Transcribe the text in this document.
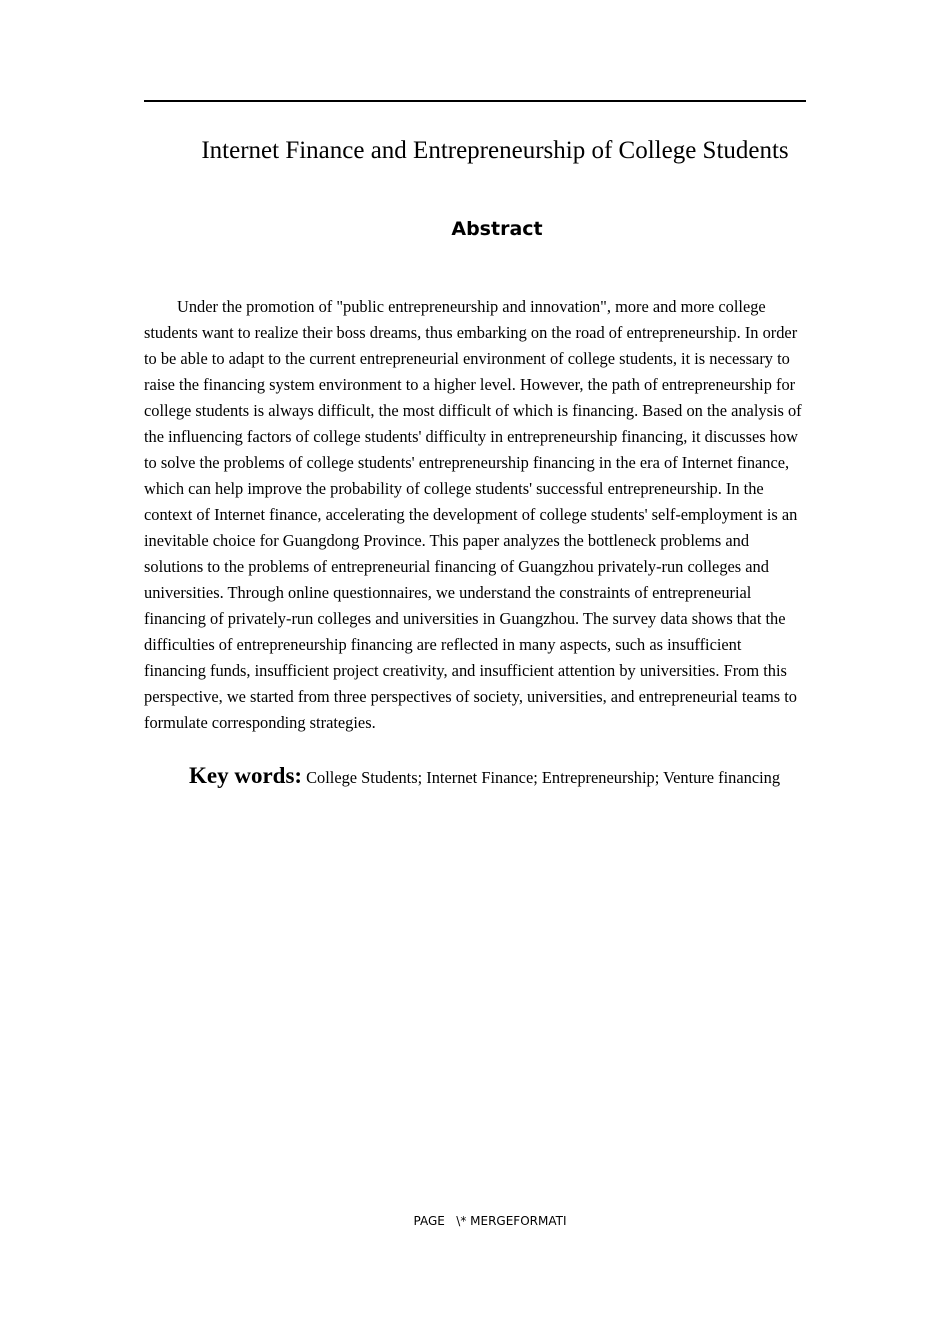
Internet Finance and Entrepreneurship of College Students
Abstract

Under the promotion of "public entrepreneurship and innovation", more and more college students want to realize their boss dreams, thus embarking on the road of entrepreneurship. In order to be able to adapt to the current entrepreneurial environment of college students, it is necessary to raise the financing system environment to a higher level. However, the path of entrepreneurship for college students is always difficult, the most difficult of which is financing. Based on the analysis of the influencing factors of college students' difficulty in entrepreneurship financing, it discusses how to solve the problems of college students' entrepreneurship financing in the era of Internet finance, which can help improve the probability of college students' successful entrepreneurship. In the context of Internet finance, accelerating the development of college students' self-employment is an inevitable choice for Guangdong Province. This paper analyzes the bottleneck problems and solutions to the problems of entrepreneurial financing of Guangzhou privately-run colleges and universities. Through online questionnaires, we understand the constraints of entrepreneurial financing of privately-run colleges and universities in Guangzhou. The survey data shows that the difficulties of entrepreneurship financing are reflected in many aspects, such as insufficient financing funds, insufficient project creativity, and insufficient attention by universities. From this perspective, we started from three perspectives of society, universities, and entrepreneurial teams to formulate corresponding strategies.

Key words: College Students; Internet Finance; Entrepreneurship; Venture financing
PAGE   \* MERGEFORMATI
